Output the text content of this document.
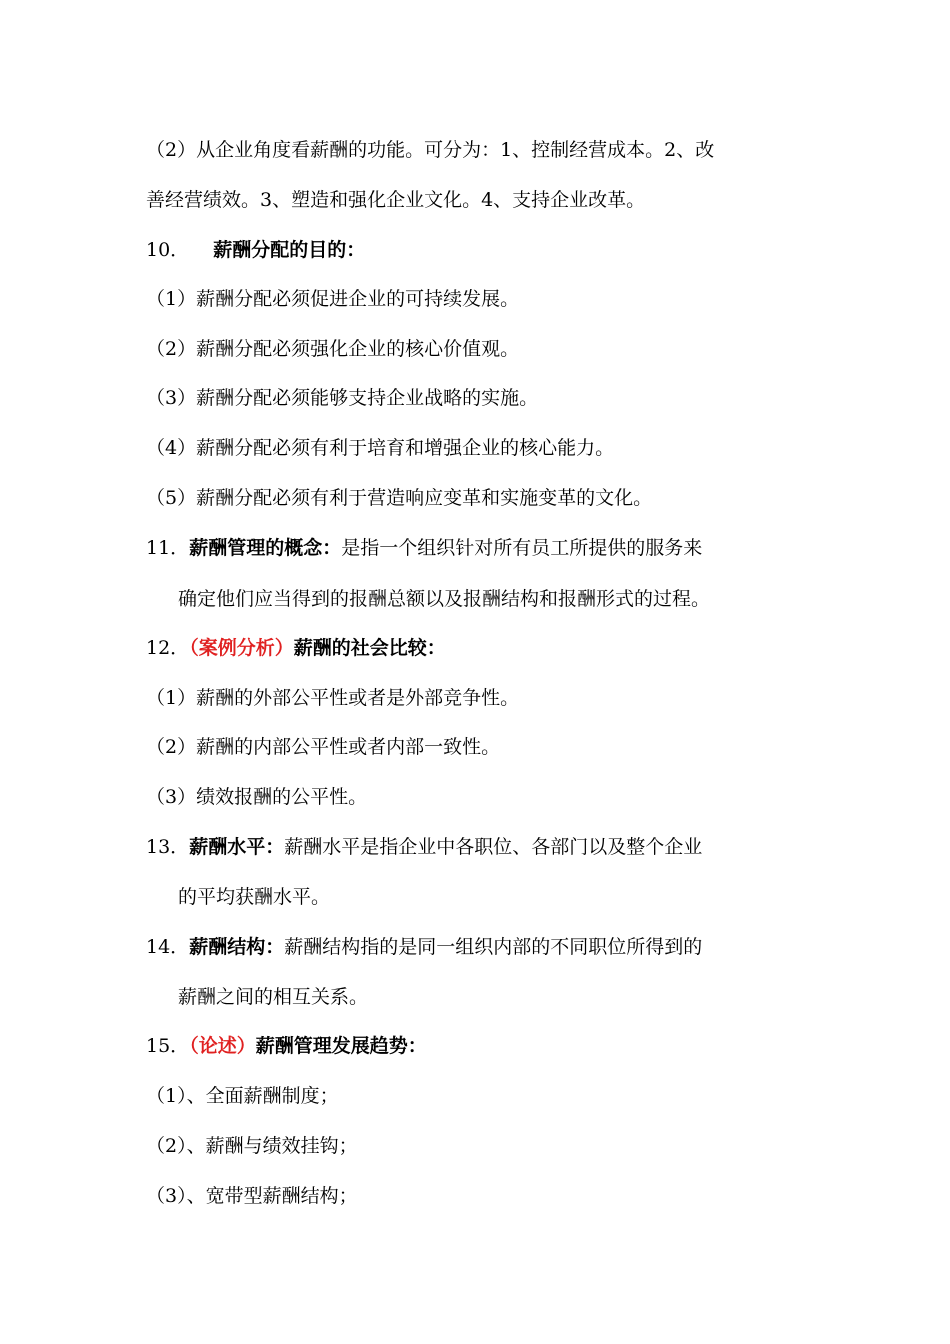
（2）从企业角度看薪酬的功能。可分为：1、控制经营成本。2、改
善经营绩效。3、塑造和强化企业文化。4、支持企业改革。
10． 薪酬分配的目的：
（1）薪酬分配必须促进企业的可持续发展。
（2）薪酬分配必须强化企业的核心价值观。
（3）薪酬分配必须能够支持企业战略的实施。
（4）薪酬分配必须有利于培育和增强企业的核心能力。
（5）薪酬分配必须有利于营造响应变革和实施变革的文化。
11．薪酬管理的概念：是指一个组织针对所有员工所提供的服务来
确定他们应当得到的报酬总额以及报酬结构和报酬形式的过程。
12．（案例分析）薪酬的社会比较：
（1）薪酬的外部公平性或者是外部竞争性。
（2）薪酬的内部公平性或者内部一致性。
（3）绩效报酬的公平性。
13．薪酬水平：薪酬水平是指企业中各职位、各部门以及整个企业
的平均获酬水平。
14．薪酬结构：薪酬结构指的是同一组织内部的不同职位所得到的
薪酬之间的相互关系。
15．（论述）薪酬管理发展趋势：
（1）、全面薪酬制度；
（2）、薪酬与绩效挂钩；
（3）、宽带型薪酬结构；
